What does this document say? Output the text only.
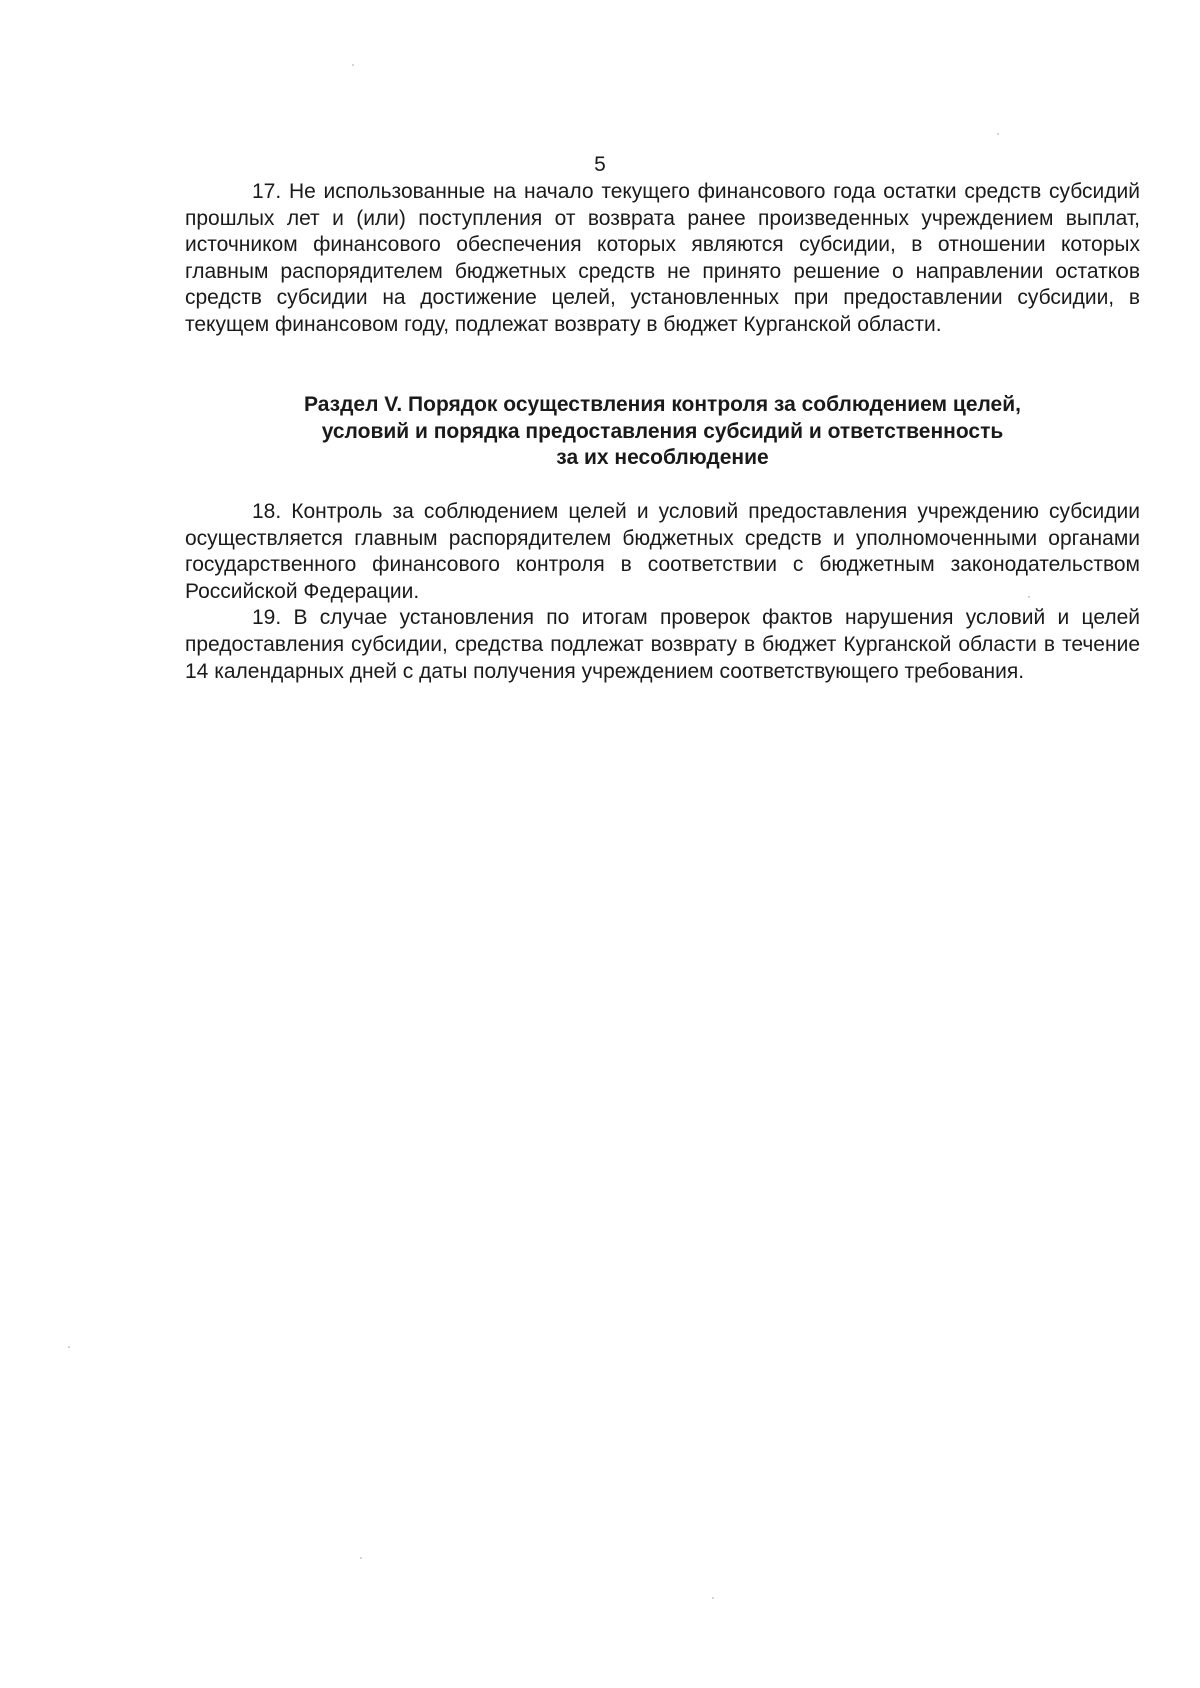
5

17. Не использованные на начало текущего финансового года остатки средств субсидий прошлых лет и (или) поступления от возврата ранее произведенных учреждением выплат, источником финансового обеспечения которых являются субсидии, в отношении которых главным распорядителем бюджетных средств не принято решение о направлении остатков средств субсидии на достижение целей, установленных при предоставлении субсидии, в текущем финансовом году, подлежат возврату в бюджет Курганской области.

Раздел V. Порядок осуществления контроля за соблюдением целей,
условий и порядка предоставления субсидий и ответственность
за их несоблюдение

18. Контроль за соблюдением целей и условий предоставления учреждению субсидии осуществляется главным распорядителем бюджетных средств и уполномоченными органами государственного финансового контроля в соответствии с бюджетным законодательством Российской Федерации.

19. В случае установления по итогам проверок фактов нарушения условий и целей предоставления субсидии, средства подлежат возврату в бюджет Курганской области в течение 14 календарных дней с даты получения учреждением соответствующего требования.
